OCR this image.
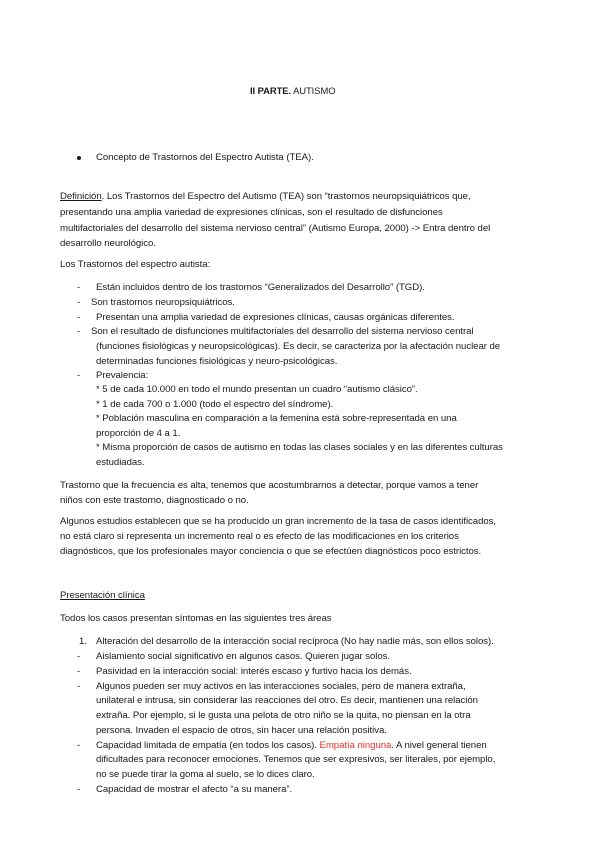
II PARTE. AUTISMO
Concepto de Trastornos del Espectro Autista (TEA).
Definición. Los Trastornos del Espectro del Autismo (TEA) son “trastornos neuropsiquiátricos que,
presentando una amplia variedad de expresiones clínicas, son el resultado de disfunciones
multifactoriales del desarrollo del sistema nervioso central” (Autismo Europa, 2000) -> Entra dentro del
desarrollo neurológico.
Los Trastornos del espectro autista:
- Están incluidos dentro de los trastornos “Generalizados del Desarrollo” (TGD).
- Son trastornos neuropsiquiátricos.
- Presentan una amplia variedad de expresiones clínicas, causas orgánicas diferentes.
- Son el resultado de disfunciones multifactoriales del desarrollo del sistema nervioso central
(funciones fisiológicas y neuropsicológicas). Es decir, se caracteriza por la afectación nuclear de
determinadas funciones fisiológicas y neuro-psicológicas.
- Prevalencia:
* 5 de cada 10.000 en todo el mundo presentan un cuadro “autismo clásico”.
* 1 de cada 700 o 1.000 (todo el espectro del síndrome).
* Población masculina en comparación a la femenina está sobre-representada en una
proporción de 4 a 1.
* Misma proporción de casos de autismo en todas las clases sociales y en las diferentes culturas
estudiadas.
Trastorno que la frecuencia es alta, tenemos que acostumbrarnos a detectar, porque vamos a tener
niños con este trastorno, diagnosticado o no.
Algunos estudios establecen que se ha producido un gran incremento de la tasa de casos identificados,
no está claro si representa un incremento real o es efecto de las modificaciones en los criterios
diagnósticos, que los profesionales mayor conciencia o que se efectúen diagnósticos poco estrictos.
Presentación clínica
Todos los casos presentan síntomas en las siguientes tres áreas
1. Alteración del desarrollo de la interacción social recíproca (No hay nadie más, son ellos solos).
- Aislamiento social significativo en algunos casos. Quieren jugar solos.
- Pasividad en la interacción social: interés escaso y furtivo hacia los demás.
- Algunos pueden ser muy activos en las interacciones sociales, pero de manera extraña,
unilateral e intrusa, sin considerar las reacciones del otro. Es decir, mantienen una relación
extraña. Por ejemplo, si le gusta una pelota de otro niño se la quita, no piensan en la otra
persona. Invaden el espacio de otros, sin hacer una relación positiva.
- Capacidad limitada de empatía (en todos los casos). Empatía ninguna. A nivel general tienen
dificultades para reconocer emociones. Tenemos que ser expresivos, ser literales, por ejemplo,
no se puede tirar la goma al suelo, se lo dices claro.
- Capacidad de mostrar el afecto “a su manera”.
